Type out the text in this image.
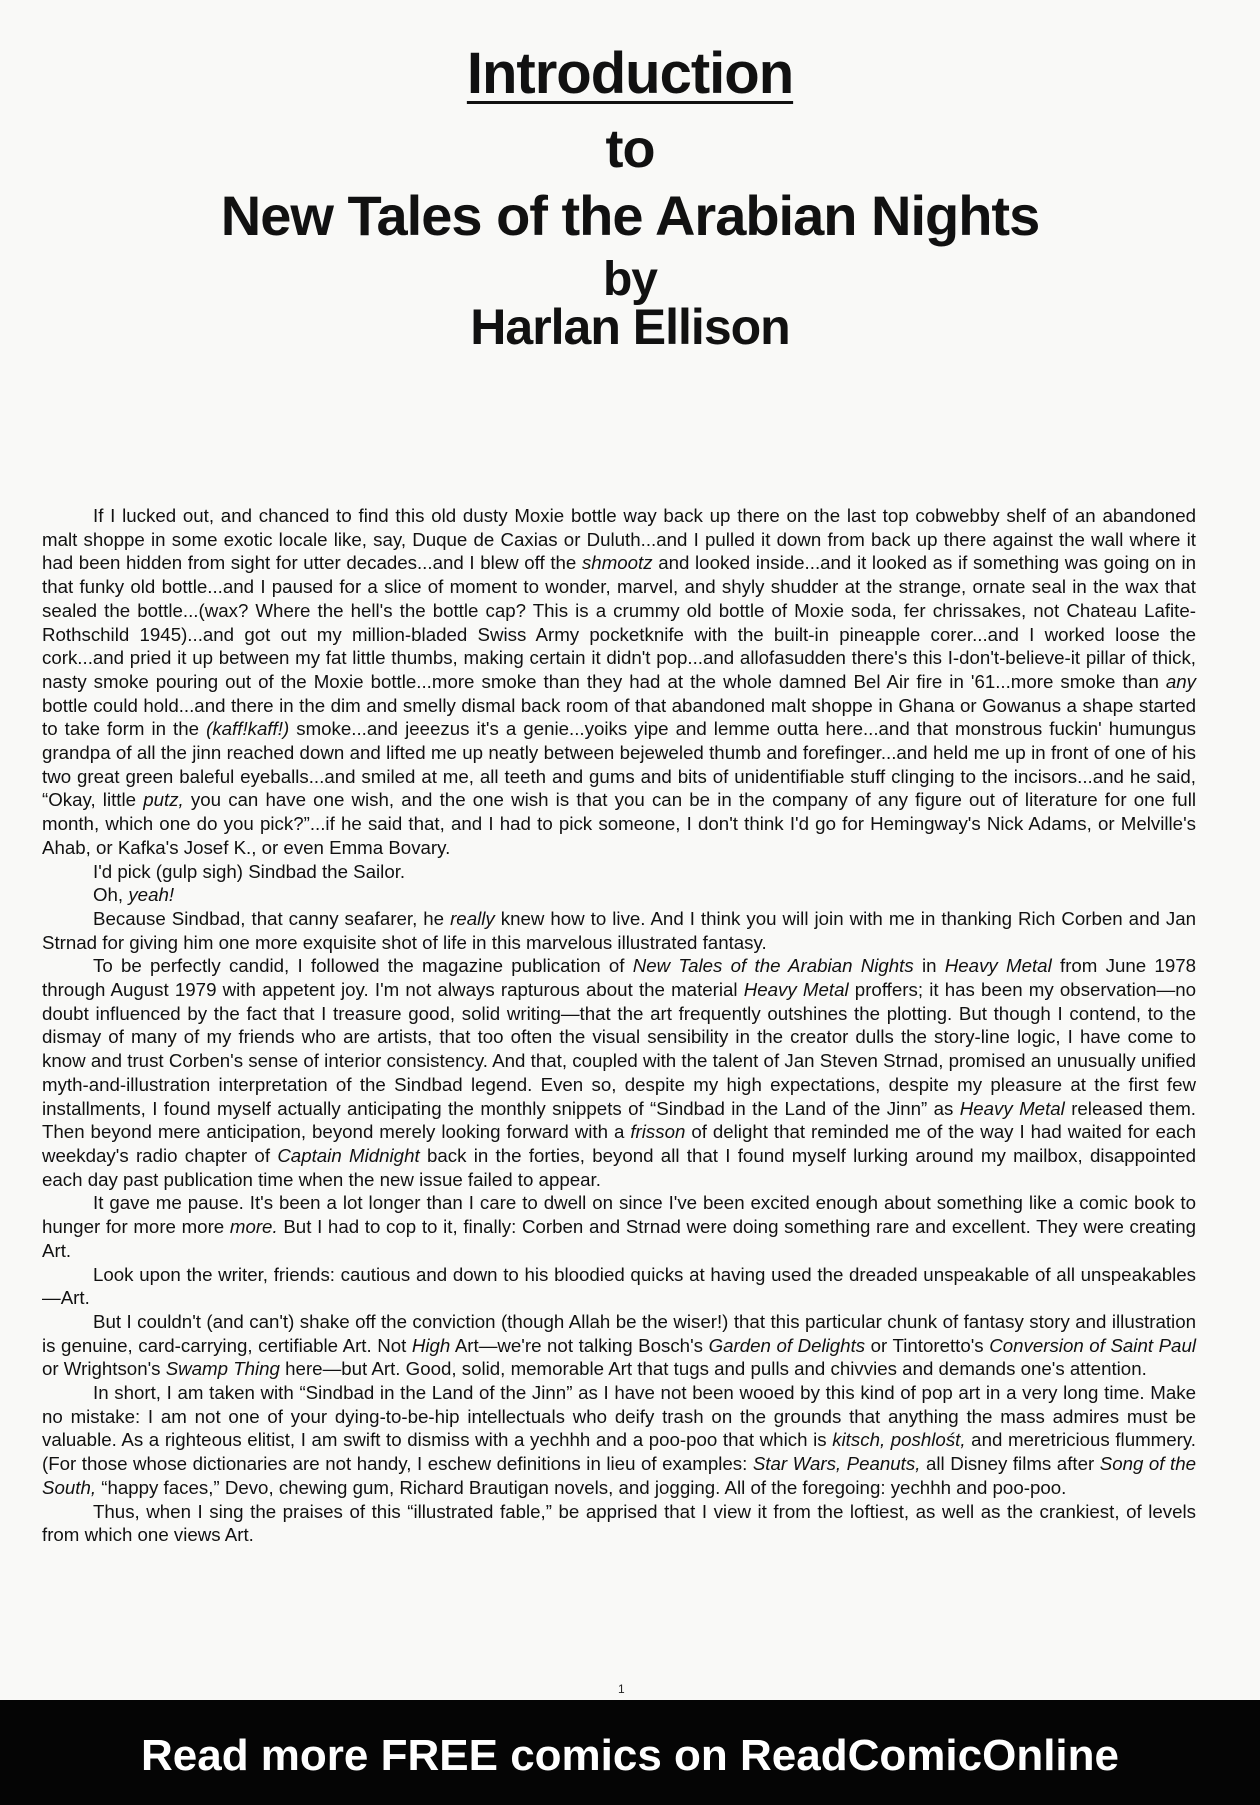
Introduction
to
New Tales of the Arabian Nights
by
Harlan Ellison

If I lucked out, and chanced to find this old dusty Moxie bottle way back up there on the last top cobwebby shelf of an abandoned malt shoppe in some exotic locale like, say, Duque de Caxias or Duluth...and I pulled it down from back up there against the wall where it had been hidden from sight for utter decades...and I blew off the shmootz and looked inside...and it looked as if something was going on in that funky old bottle...and I paused for a slice of moment to wonder, marvel, and shyly shudder at the strange, ornate seal in the wax that sealed the bottle...(wax? Where the hell's the bottle cap? This is a crummy old bottle of Moxie soda, fer chrissakes, not Chateau Lafite-Rothschild 1945)...and got out my million-bladed Swiss Army pocketknife with the built-in pineapple corer...and I worked loose the cork...and pried it up between my fat little thumbs, making certain it didn't pop...and allofasudden there's this I-don't-believe-it pillar of thick, nasty smoke pouring out of the Moxie bottle...more smoke than they had at the whole damned Bel Air fire in '61...more smoke than any bottle could hold...and there in the dim and smelly dismal back room of that abandoned malt shoppe in Ghana or Gowanus a shape started to take form in the (kaff!kaff!) smoke...and jeeezus it's a genie...yoiks yipe and lemme outta here...and that monstrous fuckin' humungus grandpa of all the jinn reached down and lifted me up neatly between bejeweled thumb and forefinger...and held me up in front of one of his two great green baleful eyeballs...and smiled at me, all teeth and gums and bits of unidentifiable stuff clinging to the incisors...and he said, “Okay, little putz, you can have one wish, and the one wish is that you can be in the company of any figure out of literature for one full month, which one do you pick?”...if he said that, and I had to pick someone, I don't think I'd go for Hemingway's Nick Adams, or Melville's Ahab, or Kafka's Josef K., or even Emma Bovary.

I'd pick (gulp sigh) Sindbad the Sailor.

Oh, yeah!

Because Sindbad, that canny seafarer, he really knew how to live. And I think you will join with me in thanking Rich Corben and Jan Strnad for giving him one more exquisite shot of life in this marvelous illustrated fantasy.

To be perfectly candid, I followed the magazine publication of New Tales of the Arabian Nights in Heavy Metal from June 1978 through August 1979 with appetent joy. I'm not always rapturous about the material Heavy Metal proffers; it has been my observation—no doubt influenced by the fact that I treasure good, solid writing—that the art frequently outshines the plotting. But though I contend, to the dismay of many of my friends who are artists, that too often the visual sensibility in the creator dulls the story-line logic, I have come to know and trust Corben's sense of interior consistency. And that, coupled with the talent of Jan Steven Strnad, promised an unusually unified myth-and-illustration interpretation of the Sindbad legend. Even so, despite my high expectations, despite my pleasure at the first few installments, I found myself actually anticipating the monthly snippets of “Sindbad in the Land of the Jinn” as Heavy Metal released them. Then beyond mere anticipation, beyond merely looking forward with a frisson of delight that reminded me of the way I had waited for each weekday's radio chapter of Captain Midnight back in the forties, beyond all that I found myself lurking around my mailbox, disappointed each day past publication time when the new issue failed to appear.

It gave me pause. It's been a lot longer than I care to dwell on since I've been excited enough about something like a comic book to hunger for more more more. But I had to cop to it, finally: Corben and Strnad were doing something rare and excellent. They were creating Art.

Look upon the writer, friends: cautious and down to his bloodied quicks at having used the dreaded unspeakable of all unspeakables—Art.

But I couldn't (and can't) shake off the conviction (though Allah be the wiser!) that this particular chunk of fantasy story and illustration is genuine, card-carrying, certifiable Art. Not High Art—we're not talking Bosch's Garden of Delights or Tintoretto's Conversion of Saint Paul or Wrightson's Swamp Thing here—but Art. Good, solid, memorable Art that tugs and pulls and chivvies and demands one's attention.

In short, I am taken with “Sindbad in the Land of the Jinn” as I have not been wooed by this kind of pop art in a very long time. Make no mistake: I am not one of your dying-to-be-hip intellectuals who deify trash on the grounds that anything the mass admires must be valuable. As a righteous elitist, I am swift to dismiss with a yechhh and a poo-poo that which is kitsch, poshlośt, and meretricious flummery. (For those whose dictionaries are not handy, I eschew definitions in lieu of examples: Star Wars, Peanuts, all Disney films after Song of the South, “happy faces,” Devo, chewing gum, Richard Brautigan novels, and jogging. All of the foregoing: yechhh and poo-poo.

Thus, when I sing the praises of this “illustrated fable,” be apprised that I view it from the loftiest, as well as the crankiest, of levels from which one views Art.

1
Read more FREE comics on ReadComicOnline
